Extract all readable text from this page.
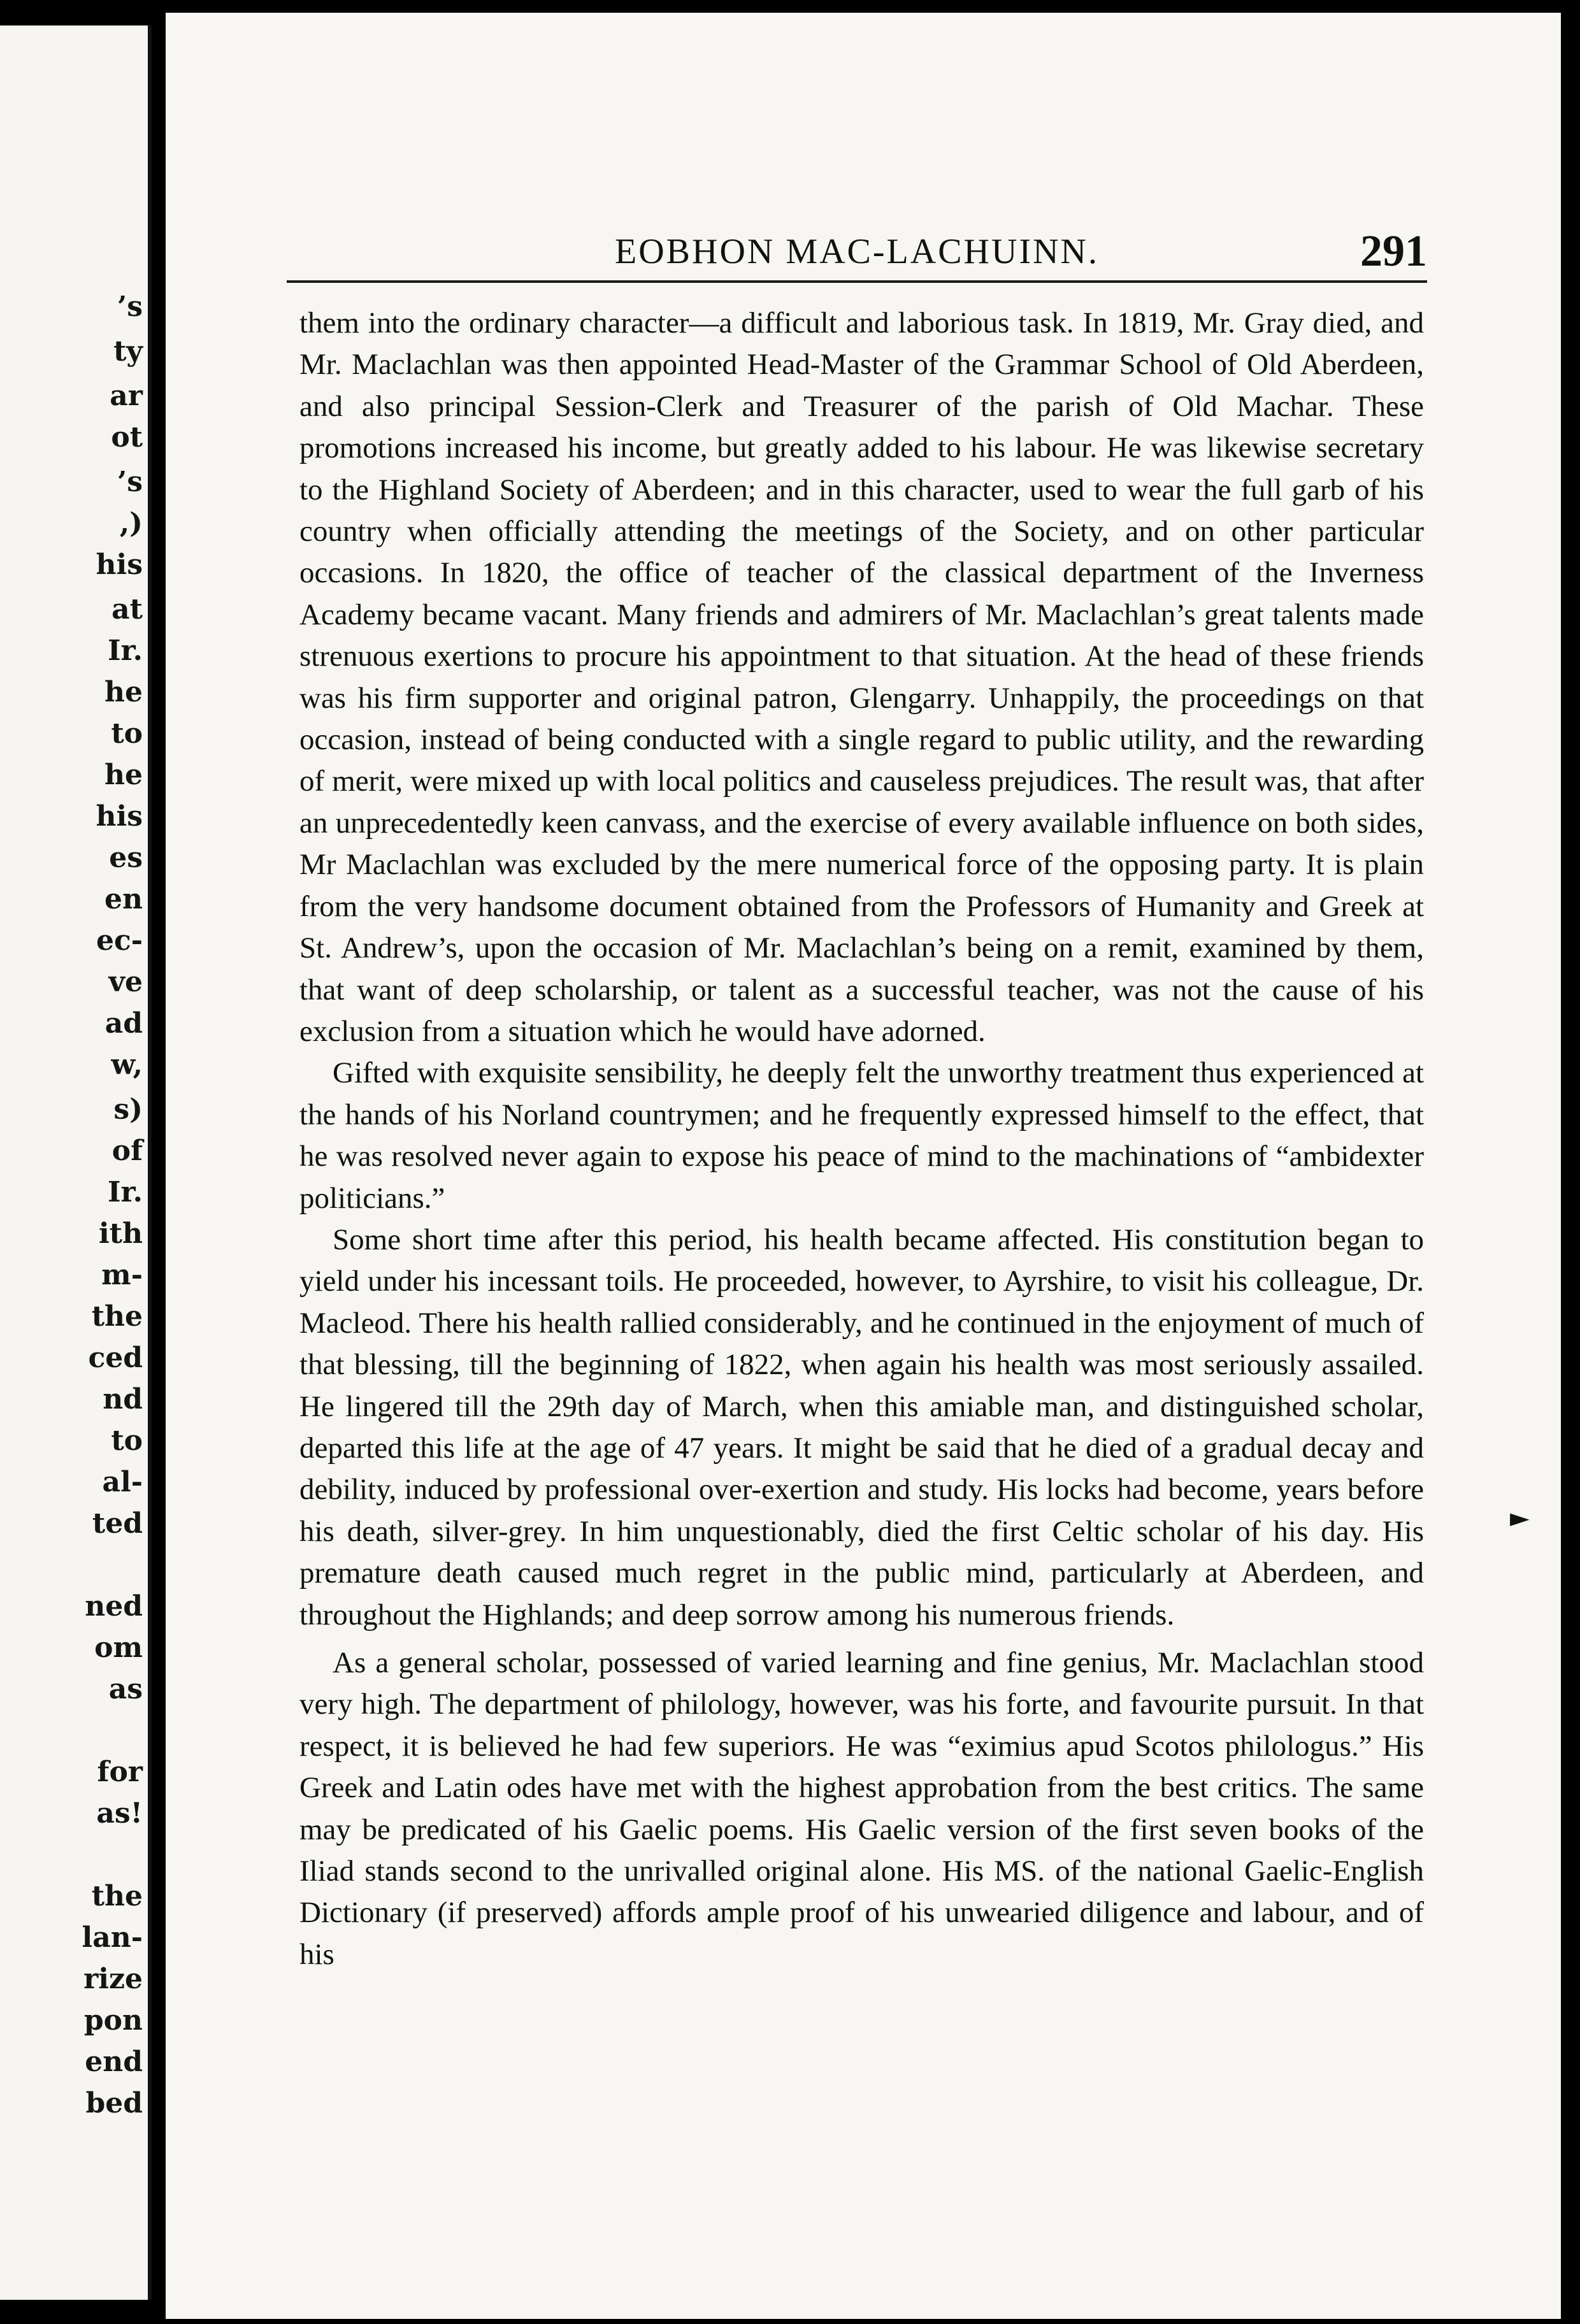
’s
ty
ar
ot
’s
,)
his
at
Ir.
he
to
he
his
es
en
ec-
ve
ad
w,
s)
of
Ir.
ith
m-
the
ced
nd
to
al-
ted
ned
om
as
for
as!
the
lan-
rize
pon
end
bed
EOBHON MAC-LACHUINN.	291

them into the ordinary character—a difficult and laborious task. In 1819, Mr. Gray died, and Mr. Maclachlan was then appointed Head-Master of the Grammar School of Old Aberdeen, and also principal Session-Clerk and Treasurer of the parish of Old Machar. These promotions increased his income, but greatly added to his labour. He was likewise secretary to the Highland Society of Aberdeen; and in this character, used to wear the full garb of his country when officially attending the meetings of the Society, and on other particular occasions. In 1820, the office of teacher of the classical department of the Inverness Academy became vacant. Many friends and admirers of Mr. Maclachlan’s great talents made strenuous exertions to procure his appointment to that situation. At the head of these friends was his firm supporter and original patron, Glengarry. Unhappily, the proceedings on that occasion, instead of being conducted with a single regard to public utility, and the rewarding of merit, were mixed up with local politics and causeless prejudices. The result was, that after an unprecedentedly keen canvass, and the exercise of every available influence on both sides, Mr Maclachlan was excluded by the mere numerical force of the opposing party. It is plain from the very handsome document obtained from the Professors of Humanity and Greek at St. Andrew’s, upon the occasion of Mr. Maclachlan’s being on a remit, examined by them, that want of deep scholarship, or talent as a successful teacher, was not the cause of his exclusion from a situation which he would have adorned.

Gifted with exquisite sensibility, he deeply felt the unworthy treatment thus experienced at the hands of his Norland countrymen; and he frequently expressed himself to the effect, that he was resolved never again to expose his peace of mind to the machinations of “ambidexter politicians.”

Some short time after this period, his health became affected. His constitution began to yield under his incessant toils. He proceeded, however, to Ayrshire, to visit his colleague, Dr. Macleod. There his health rallied considerably, and he continued in the enjoyment of much of that blessing, till the beginning of 1822, when again his health was most seriously assailed. He lingered till the 29th day of March, when this amiable man, and distinguished scholar, departed this life at the age of 47 years. It might be said that he died of a gradual decay and debility, induced by professional over-exertion and study. His locks had become, years before his death, silver-grey. In him unquestionably, died the first Celtic scholar of his day. His premature death caused much regret in the public mind, particularly at Aberdeen, and throughout the Highlands; and deep sorrow among his numerous friends.

As a general scholar, possessed of varied learning and fine genius, Mr. Maclachlan stood very high. The department of philology, however, was his forte, and favourite pursuit. In that respect, it is believed he had few superiors. He was “eximius apud Scotos philologus.” His Greek and Latin odes have met with the highest approbation from the best critics. The same may be predicated of his Gaelic poems. His Gaelic version of the first seven books of the Iliad stands second to the unrivalled original alone. His MS. of the national Gaelic-English Dictionary (if preserved) affords ample proof of his unwearied diligence and labour, and of his

►
